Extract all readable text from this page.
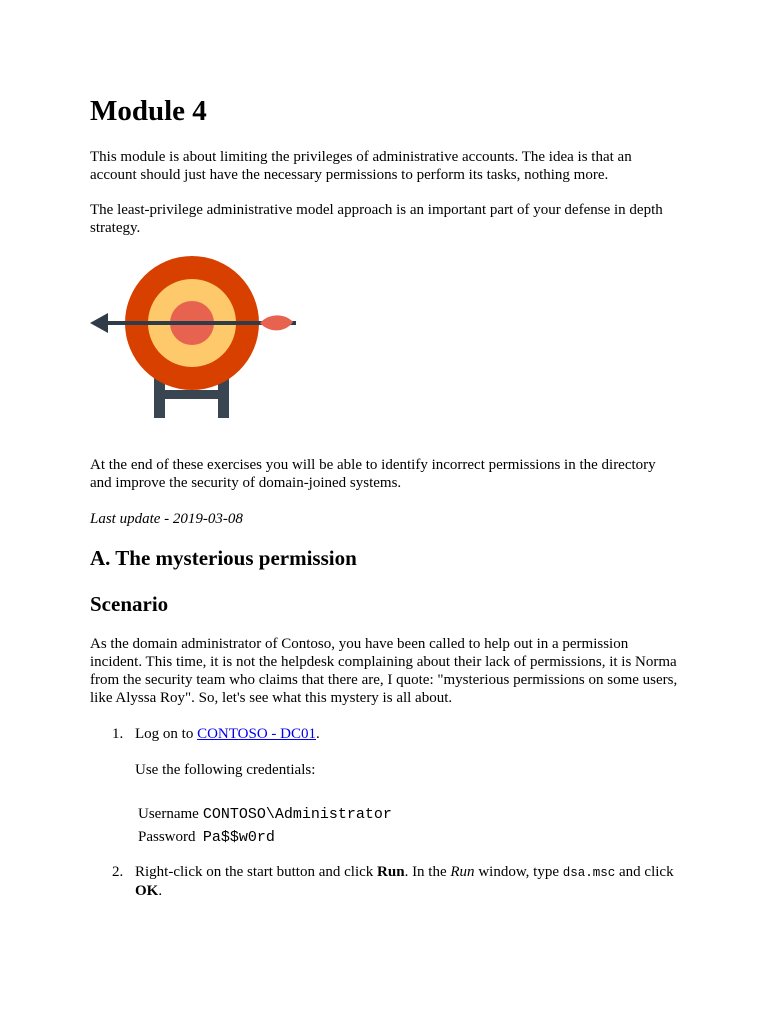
Module 4

This module is about limiting the privileges of administrative accounts. The idea is that an account should just have the necessary permissions to perform its tasks, nothing more.

The least-privilege administrative model approach is an important part of your defense in depth strategy.

At the end of these exercises you will be able to identify incorrect permissions in the directory and improve the security of domain-joined systems.

Last update - 2019-03-08

A. The mysterious permission
Scenario

As the domain administrator of Contoso, you have been called to help out in a permission incident. This time, it is not the helpdesk complaining about their lack of permissions, it is Norma from the security team who claims that there are, I quote: "mysterious permissions on some users, like Alyssa Roy". So, let's see what this mystery is all about.

1. Log on to CONTOSO - DC01.
Use the following credentials:
Username	CONTOSO\Administrator
Password	Pa$$w0rd
2. Right-click on the start button and click Run. In the Run window, type dsa.msc and click OK.
